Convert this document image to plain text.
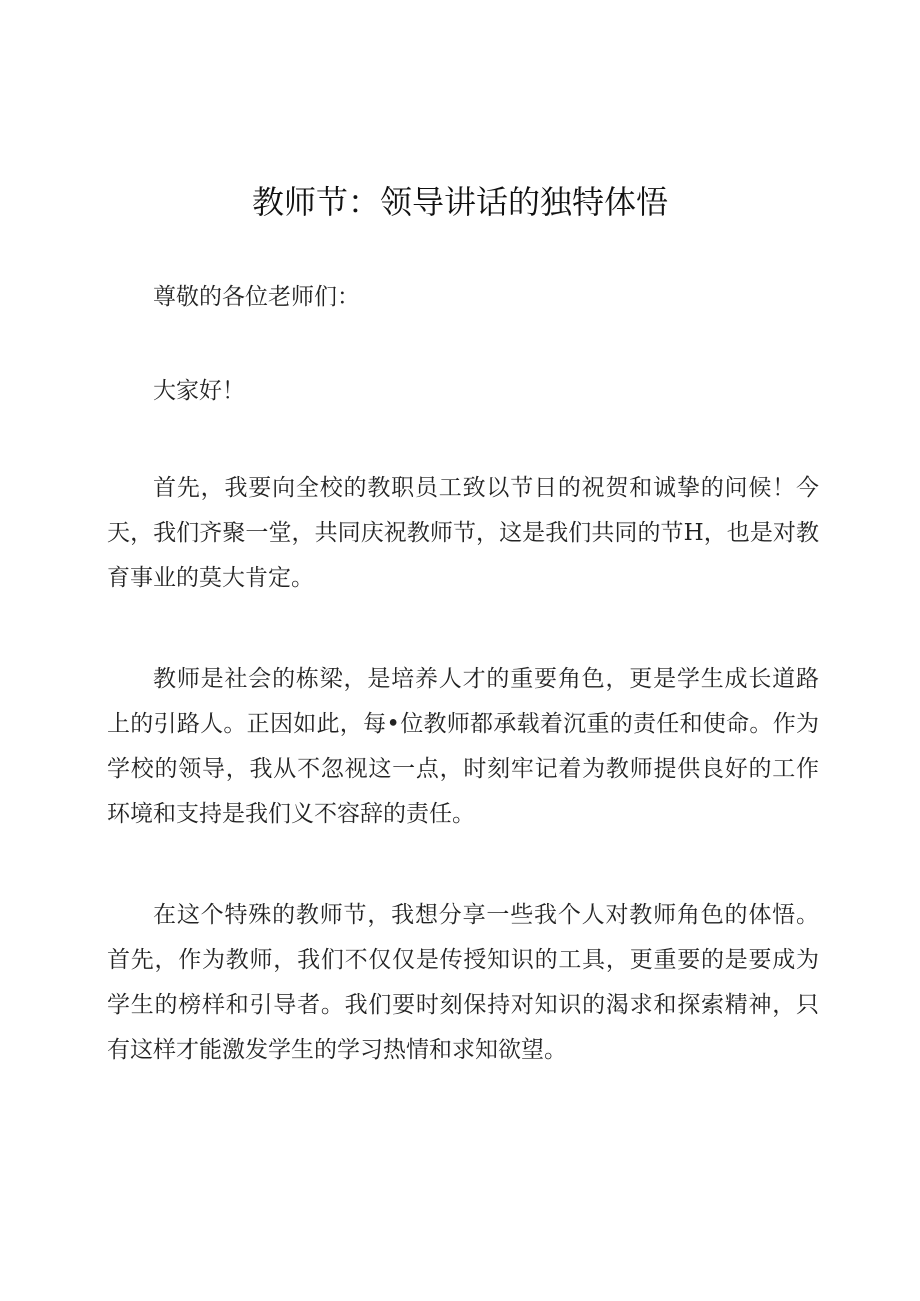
教师节：领导讲话的独特体悟

尊敬的各位老师们：

大家好！

首先，我要向全校的教职员工致以节日的祝贺和诚挚的问候！今天，我们齐聚一堂，共同庆祝教师节，这是我们共同的节H，也是对教育事业的莫大肯定。

教师是社会的栋梁，是培养人才的重要角色，更是学生成长道路上的引路人。正因如此，每•位教师都承载着沉重的责任和使命。作为学校的领导，我从不忽视这一点，时刻牢记着为教师提供良好的工作环境和支持是我们义不容辞的责任。

在这个特殊的教师节，我想分享一些我个人对教师角色的体悟。首先，作为教师，我们不仅仅是传授知识的工具，更重要的是要成为学生的榜样和引导者。我们要时刻保持对知识的渴求和探索精神，只有这样才能激发学生的学习热情和求知欲望。
